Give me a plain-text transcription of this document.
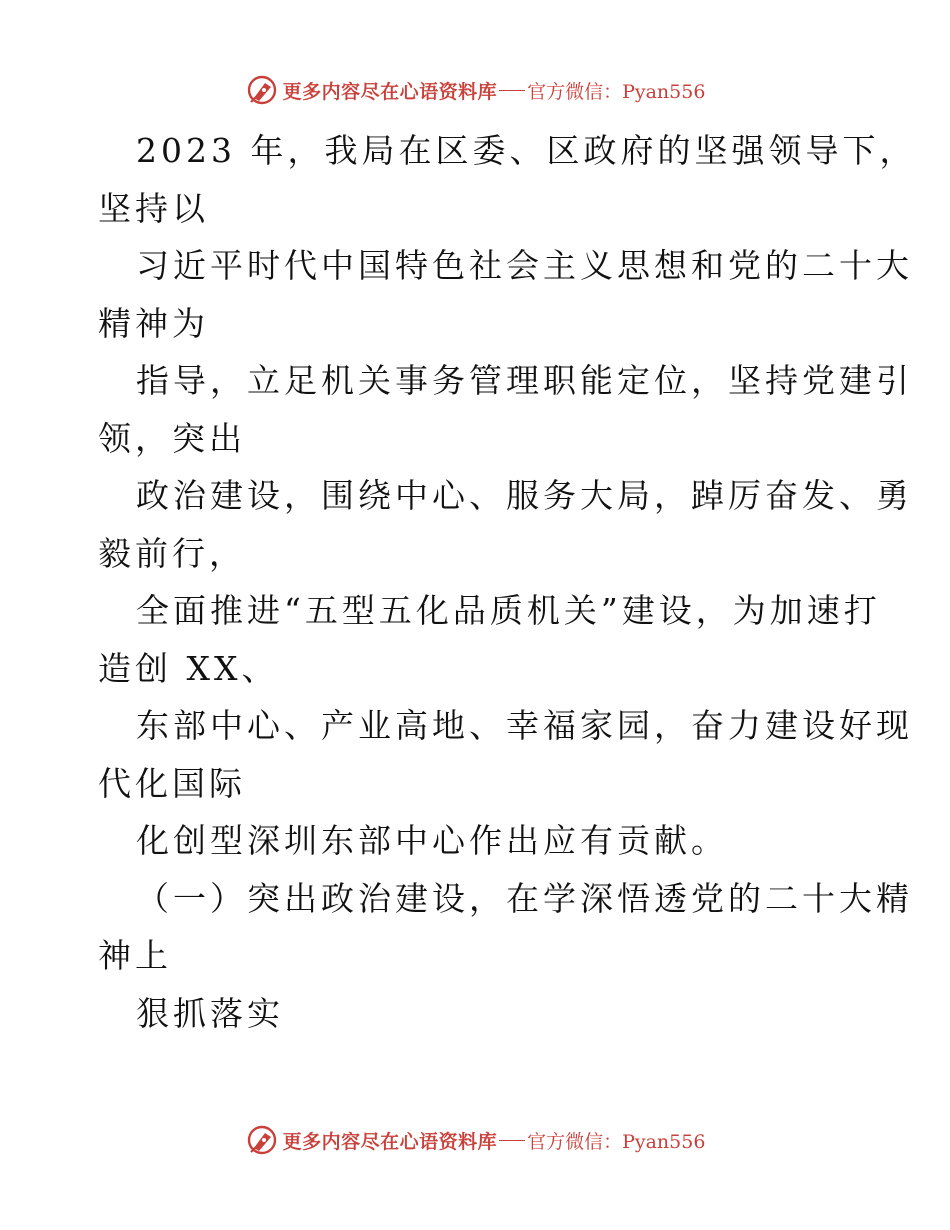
更多内容尽在心语资料库 官方微信：Pyan556

2023 年，我局在区委、区政府的坚强领导下，

坚持以

习近平时代中国特色社会主义思想和党的二十大

精神为

指导，立足机关事务管理职能定位，坚持党建引

领，突出

政治建设，围绕中心、服务大局，踔厉奋发、勇

毅前行，

全面推进“五型五化品质机关”建设，为加速打

造创 XX、

东部中心、产业高地、幸福家园，奋力建设好现

代化国际

化创型深圳东部中心作出应有贡献。

（一）突出政治建设，在学深悟透党的二十大精

神上

狠抓落实

更多内容尽在心语资料库 官方微信：Pyan556
